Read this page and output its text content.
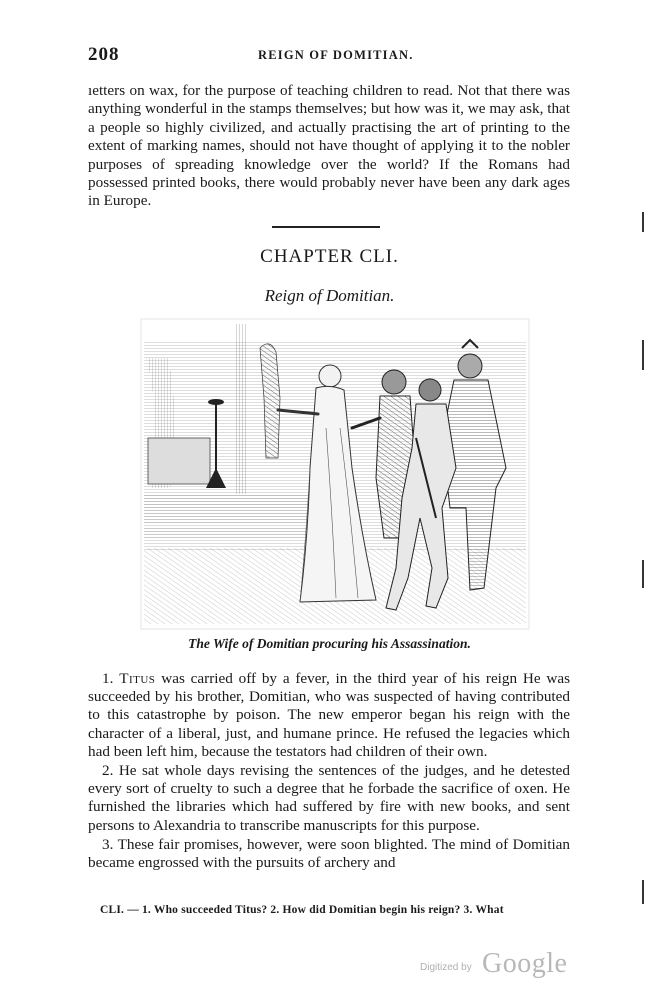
208	REIGN OF DOMITIAN.

ıetters on wax, for the purpose of teaching children to read. Not that there was anything wonderful in the stamps themselves; but how was it, we may ask, that a people so highly civilized, and actually practising the art of printing to the extent of marking names, should not have thought of applying it to the nobler purposes of spreading knowledge over the world? If the Romans had possessed printed books, there would probably never have been any dark ages in Europe.

CHAPTER CLI.
Reign of Domitian.
The Wife of Domitian procuring his Assassination.

1. Titus was carried off by a fever, in the third year of his reign He was succeeded by his brother, Domitian, who was suspected of having contributed to this catastrophe by poison. The new emperor began his reign with the character of a liberal, just, and humane prince. He refused the legacies which had been left him, because the testators had children of their own.

2. He sat whole days revising the sentences of the judges, and he detested every sort of cruelty to such a degree that he forbade the sacrifice of oxen. He furnished the libraries which had suffered by fire with new books, and sent persons to Alexandria to transcribe manuscripts for this purpose.

3. These fair promises, however, were soon blighted. The mind of Domitian became engrossed with the pursuits of archery and

CLI. — 1. Who succeeded Titus? 2. How did Domitian begin his reign? 3. What
Digitized by Google
